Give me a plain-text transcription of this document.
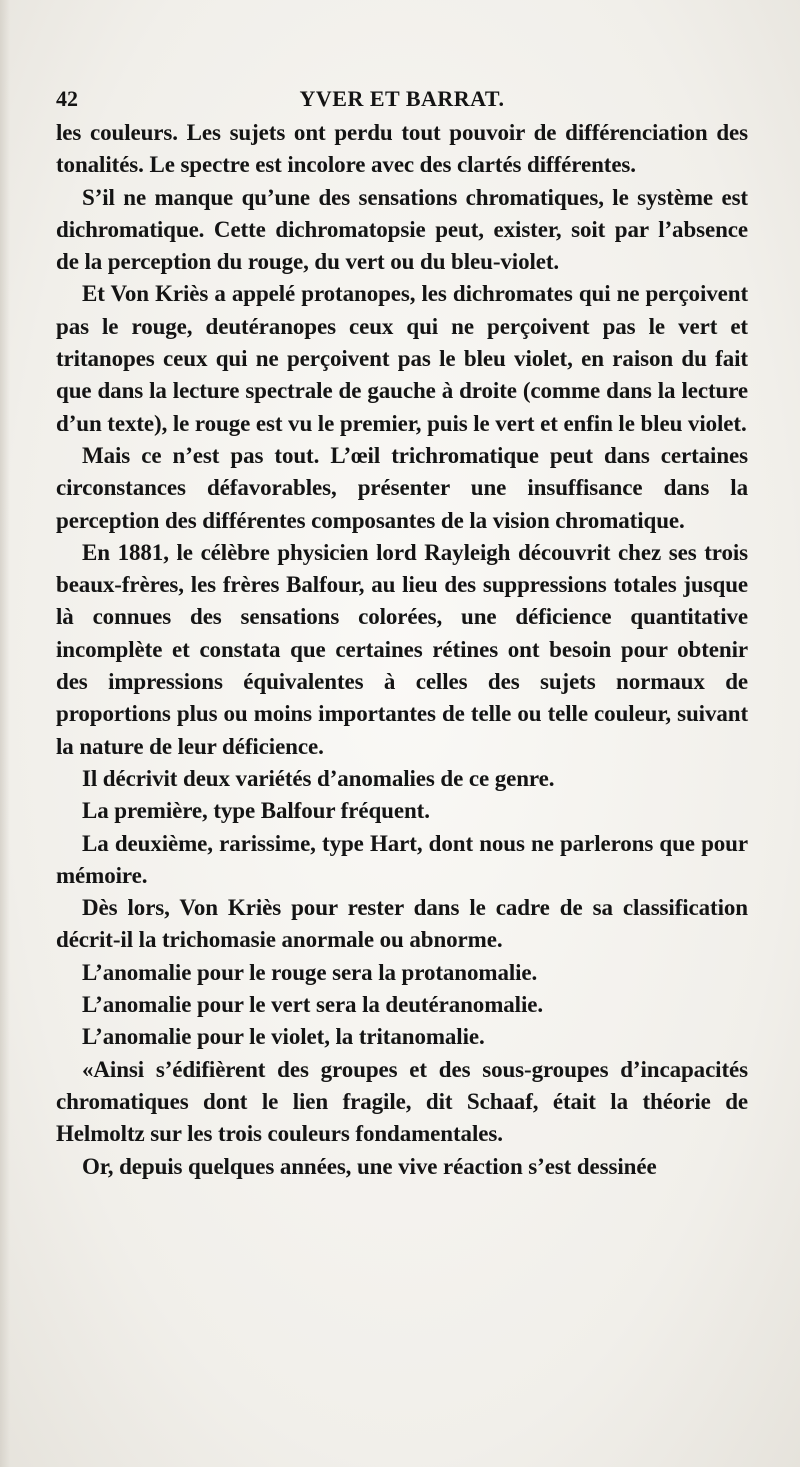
42	YVER ET BARRAT.

les couleurs. Les sujets ont perdu tout pouvoir de différenciation des tonalités. Le spectre est incolore avec des clartés différentes.

S’il ne manque qu’une des sensations chromatiques, le système est dichromatique. Cette dichromatopsie peut, exister, soit par l’absence de la perception du rouge, du vert ou du bleu-violet.

Et Von Kriès a appelé protanopes, les dichromates qui ne perçoivent pas le rouge, deutéranopes ceux qui ne perçoivent pas le vert et tritanopes ceux qui ne perçoivent pas le bleu violet, en raison du fait que dans la lecture spectrale de gauche à droite (comme dans la lecture d’un texte), le rouge est vu le premier, puis le vert et enfin le bleu violet.

Mais ce n’est pas tout. L’œil trichromatique peut dans certaines circonstances défavorables, présenter une insuffisance dans la perception des différentes composantes de la vision chromatique.

En 1881, le célèbre physicien lord Rayleigh découvrit chez ses trois beaux-frères, les frères Balfour, au lieu des suppressions totales jusque là connues des sensations colorées, une déficience quantitative incomplète et constata que certaines rétines ont besoin pour obtenir des impressions équivalentes à celles des sujets normaux de proportions plus ou moins importantes de telle ou telle couleur, suivant la nature de leur déficience.

Il décrivit deux variétés d’anomalies de ce genre.

La première, type Balfour fréquent.

La deuxième, rarissime, type Hart, dont nous ne parlerons que pour mémoire.

Dès lors, Von Kriès pour rester dans le cadre de sa classification décrit-il la trichomasie anormale ou abnorme.

L’anomalie pour le rouge sera la protanomalie.

L’anomalie pour le vert sera la deutéranomalie.

L’anomalie pour le violet, la tritanomalie.

«Ainsi s’édifièrent des groupes et des sous-groupes d’incapacités chromatiques dont le lien fragile, dit Schaaf, était la théorie de Helmoltz sur les trois couleurs fondamentales.

Or, depuis quelques années, une vive réaction s’est dessinée
